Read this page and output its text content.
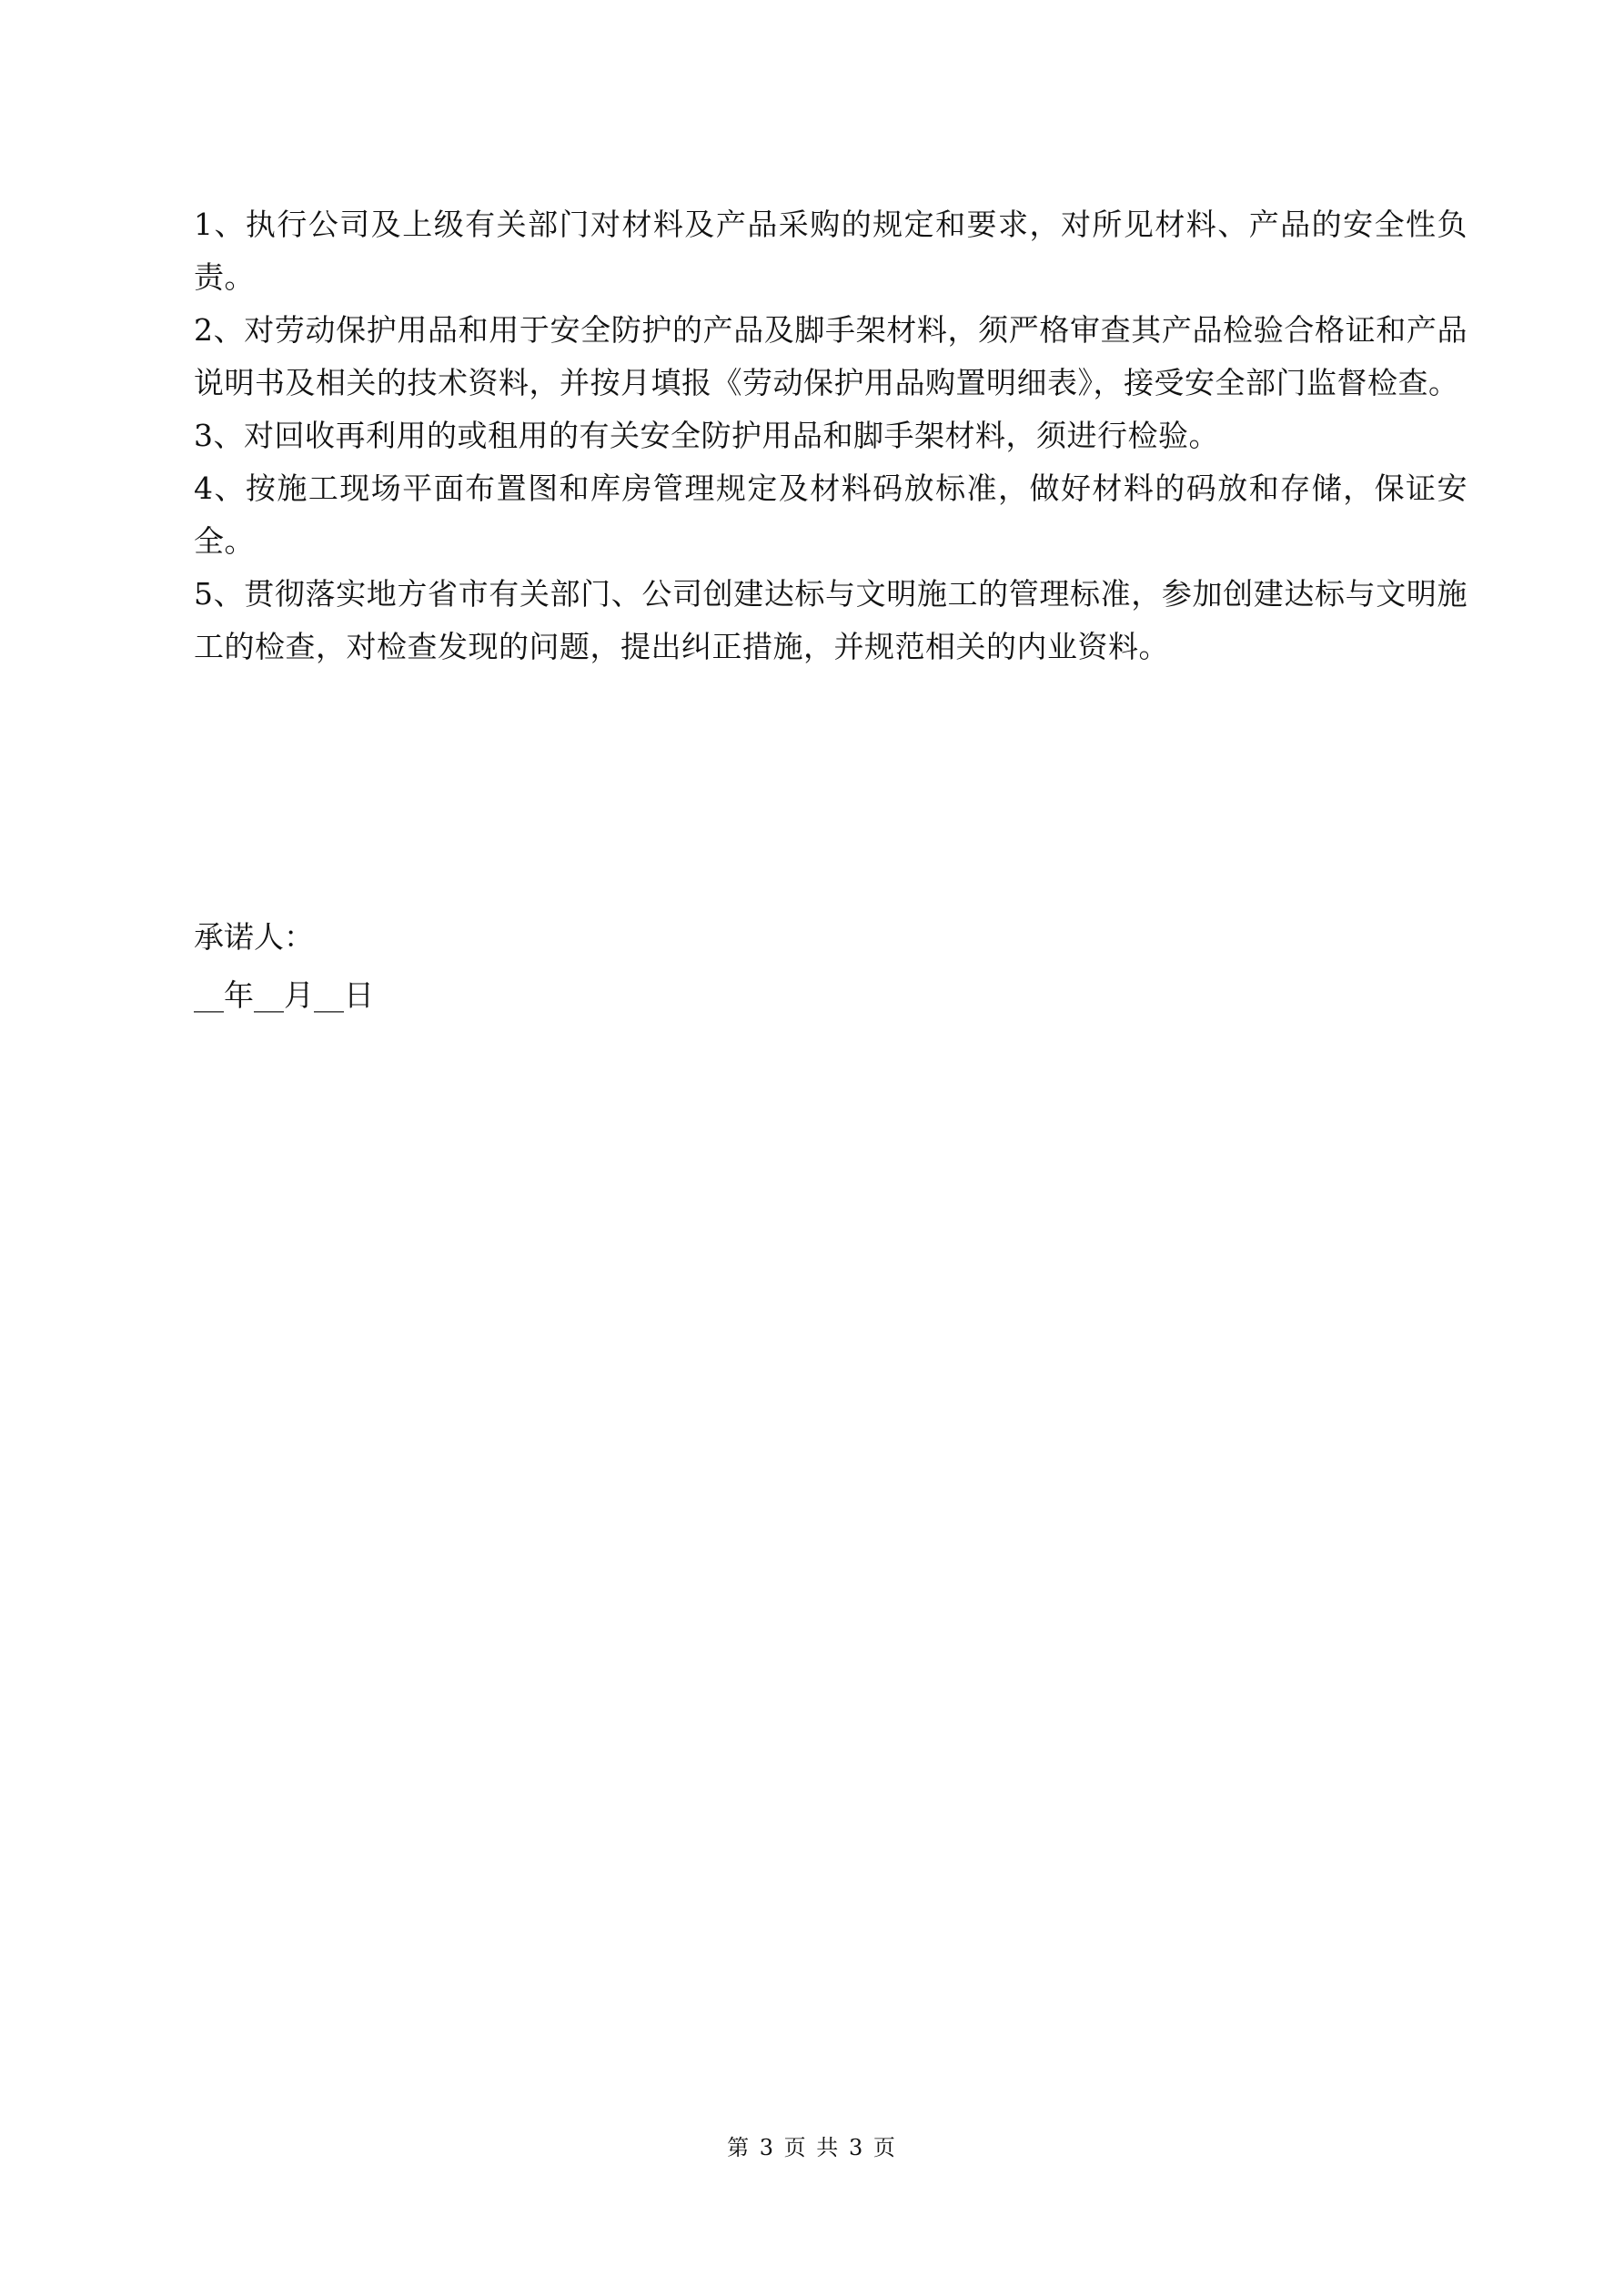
1、执行公司及上级有关部门对材料及产品采购的规定和要求，对所见材料、产品的安全性负责。

2、对劳动保护用品和用于安全防护的产品及脚手架材料，须严格审查其产品检验合格证和产品说明书及相关的技术资料，并按月填报《劳动保护用品购置明细表》，接受安全部门监督检查。

3、对回收再利用的或租用的有关安全防护用品和脚手架材料，须进行检验。

4、按施工现场平面布置图和库房管理规定及材料码放标准，做好材料的码放和存储，保证安全。

5、贯彻落实地方省市有关部门、公司创建达标与文明施工的管理标准，参加创建达标与文明施工的检查，对检查发现的问题，提出纠正措施，并规范相关的内业资料。

承诺人：

__年__月__日

第 3 页 共 3 页
